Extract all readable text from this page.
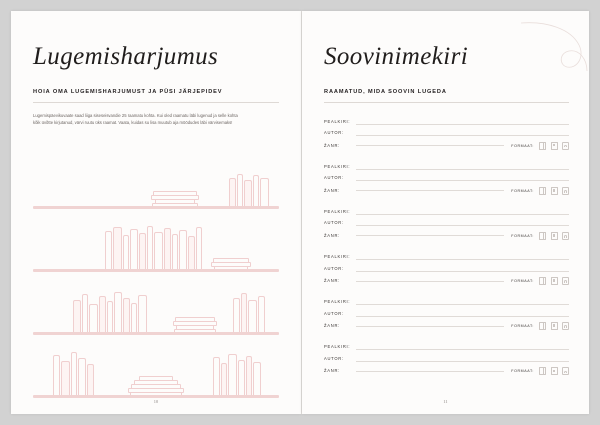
Lugemisharjumus
HOIA OMA LUGEMISHARJUMUST JA PÜSI JÄRJEPIDEV
Lugemispäevikuvaate saad liiga siseseisvandie 25 raamatu kohta. Kui oled raamatu läbi lugenud ja selle kohta kõik üvõtte kirjutanud, värvi ruutu üks raamat. Vaata, kuidas su lisa muutub aja möödudes läbi värvisemaks!
10
Soovinimekiri
RAAMATUD, MIDA SOOVIN LUGEDA
PEALKIRI:
AUTOR:
ŽANR:	FORMAAT:
PEALKIRI:
AUTOR:
ŽANR:	FORMAAT:
PEALKIRI:
AUTOR:
ŽANR:	FORMAAT:
PEALKIRI:
AUTOR:
ŽANR:	FORMAAT:
PEALKIRI:
AUTOR:
ŽANR:	FORMAAT:
PEALKIRI:
AUTOR:
ŽANR:	FORMAAT:
11
